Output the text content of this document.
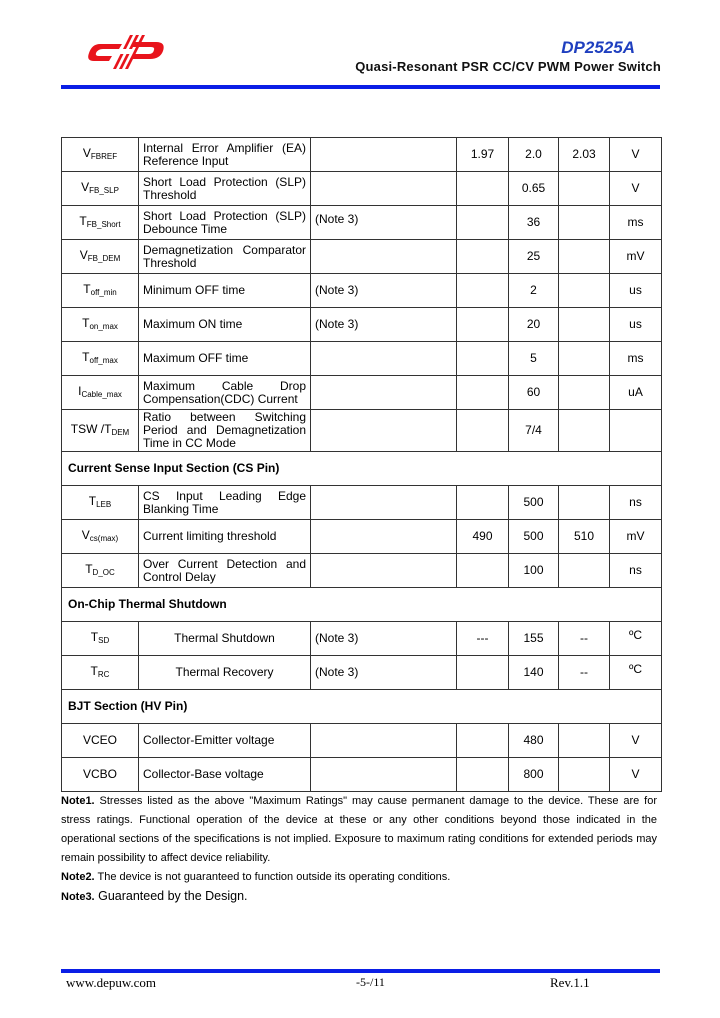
DP2525A
Quasi-Resonant PSR CC/CV PWM Power Switch
$V_{FBREF}$	Internal Error Amplifier (EA) Reference Input		1.97	2.0	2.03	V
$V_{FB\_SLP}$	Short Load Protection (SLP) Threshold			0.65		V
$T_{FB\_Short}$	Short Load Protection (SLP) Debounce Time	(Note 3)		36		ms
$V_{FB\_DEM}$	Demagnetization Comparator Threshold			25		mV
$T_{off\_min}$	Minimum OFF time	(Note 3)		2		us
$T_{on\_max}$	Maximum ON time	(Note 3)		20		us
$T_{off\_max}$	Maximum OFF time			5		ms
$I_{Cable\_max}$	Maximum Cable Drop Compensation(CDC) Current			60		uA
TSW $/T_{DEM}$	Ratio between Switching Period and Demagnetization Time in CC Mode			7/4		
Current Sense Input Section (CS Pin)						
$T_{LEB}$	CS Input Leading Edge Blanking Time			500		ns
$V_{cs(max)}$	Current limiting threshold		490	500	510	mV
$T_{D\_OC}$	Over Current Detection and Control Delay			100		ns
On-Chip Thermal Shutdown						
$T_{SD}$	Thermal Shutdown	(Note 3)	---	155	--	ºC
$T_{RC}$	Thermal Recovery	(Note 3)		140	--	ºC
BJT Section (HV Pin)						
VCEO	Collector-Emitter voltage			480		V
VCBO	Collector-Base voltage			800		V
Note1. Stresses listed as the above "Maximum Ratings" may cause permanent damage to the device. These are for stress ratings. Functional operation of the device at these or any other conditions beyond those indicated in the operational sections of the specifications is not implied. Exposure to maximum rating conditions for extended periods may remain possibility to affect device reliability.
Note2. The device is not guaranteed to function outside its operating conditions.
Note3. Guaranteed by the Design.
www.depuw.com	-5-/11	Rev.1.1
